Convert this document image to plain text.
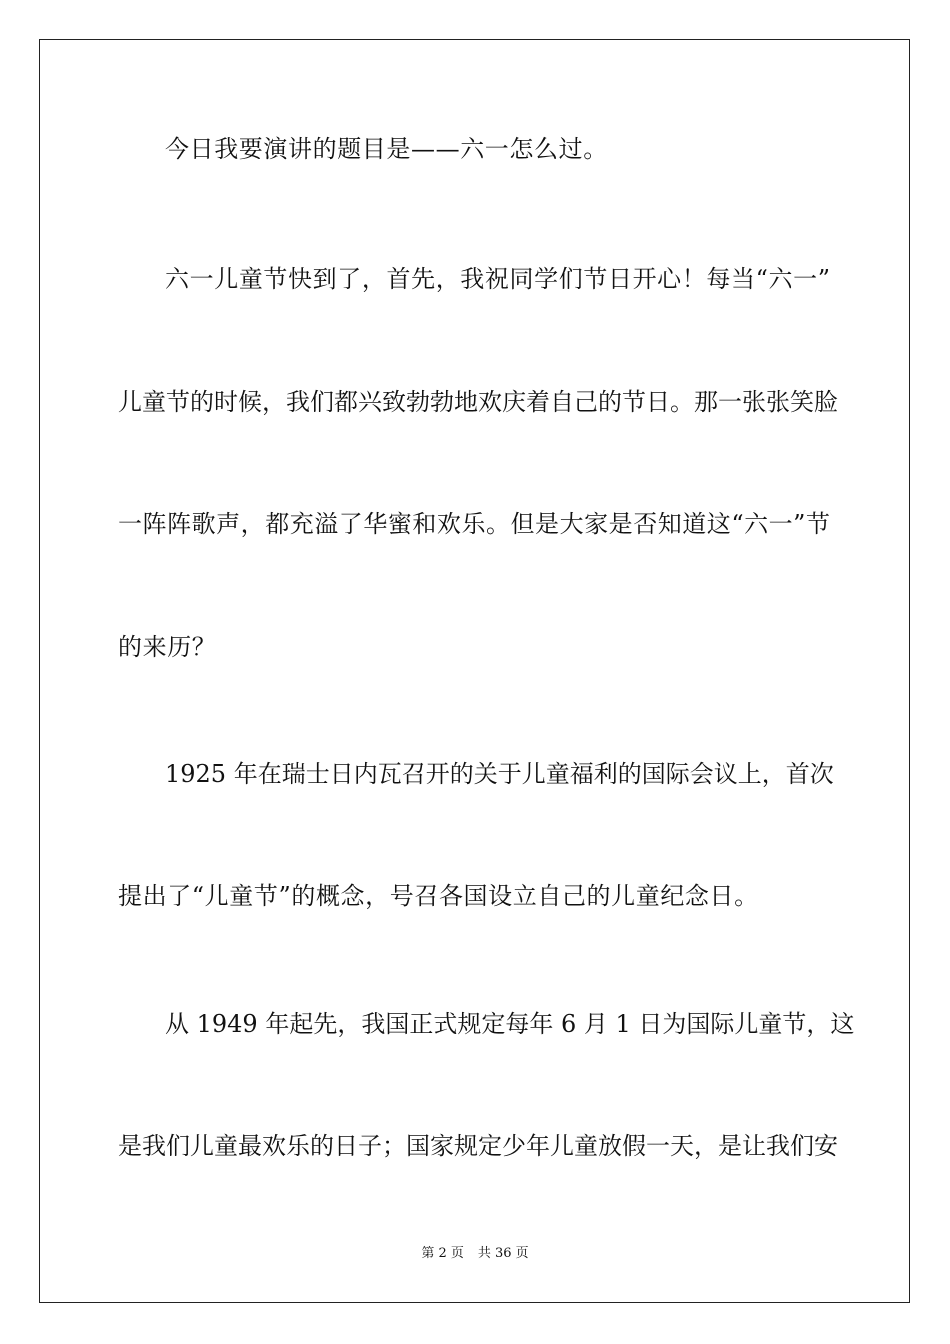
今日我要演讲的题目是——六一怎么过。
六一儿童节快到了，首先，我祝同学们节日开心！每当“六一”
儿童节的时候，我们都兴致勃勃地欢庆着自己的节日。那一张张笑脸
一阵阵歌声，都充溢了华蜜和欢乐。但是大家是否知道这“六一”节
的来历？
1925 年在瑞士日内瓦召开的关于儿童福利的国际会议上，首次
提出了“儿童节”的概念，号召各国设立自己的儿童纪念日。
从 1949 年起先，我国正式规定每年 6 月 1 日为国际儿童节，这
是我们儿童最欢乐的日子；国家规定少年儿童放假一天，是让我们安
第 2 页 共 36 页
